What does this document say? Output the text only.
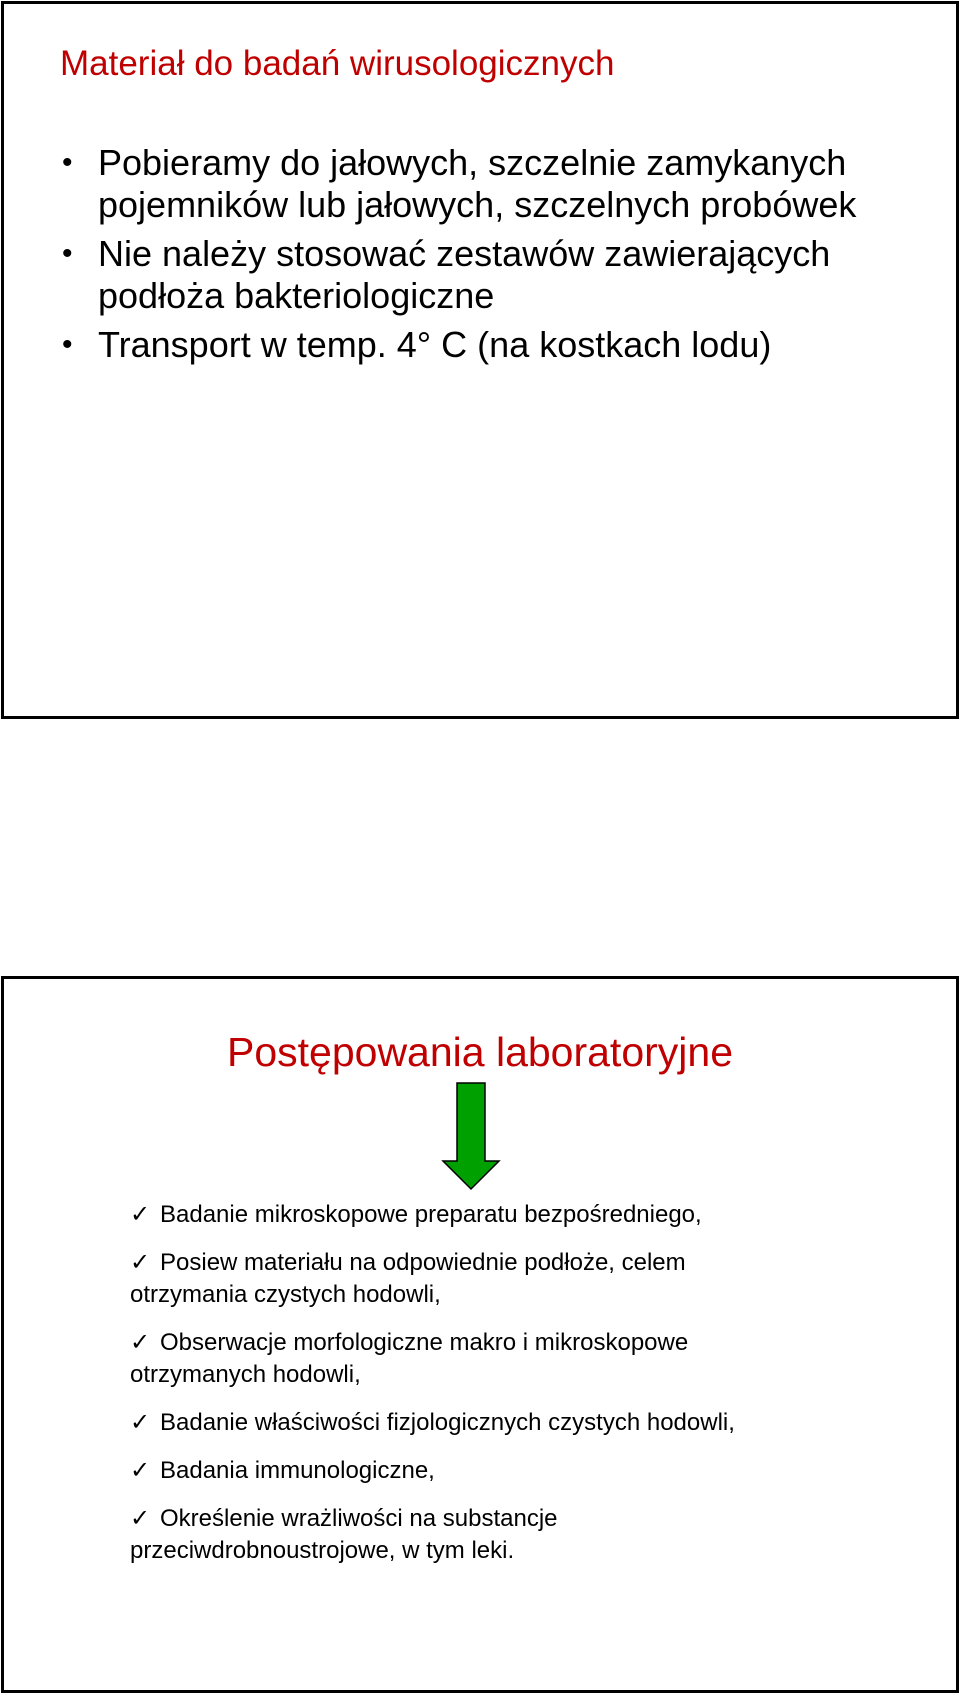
Materiał do badań wirusologicznych
• Pobieramy do jałowych, szczelnie zamykanych
pojemników lub jałowych, szczelnych probówek
• Nie należy stosować zestawów zawierających
podłoża bakteriologiczne
• Transport w temp. 4° C (na kostkach lodu)
Postępowania laboratoryjne
✓ Badanie mikroskopowe preparatu bezpośredniego,
✓ Posiew materiału na odpowiednie podłoże, celem
otrzymania czystych hodowli,
✓ Obserwacje morfologiczne makro i mikroskopowe
otrzymanych hodowli,
✓ Badanie właściwości fizjologicznych czystych hodowli,
✓ Badania immunologiczne,
✓ Określenie wrażliwości na substancje
przeciwdrobnoustrojowe, w tym leki.
